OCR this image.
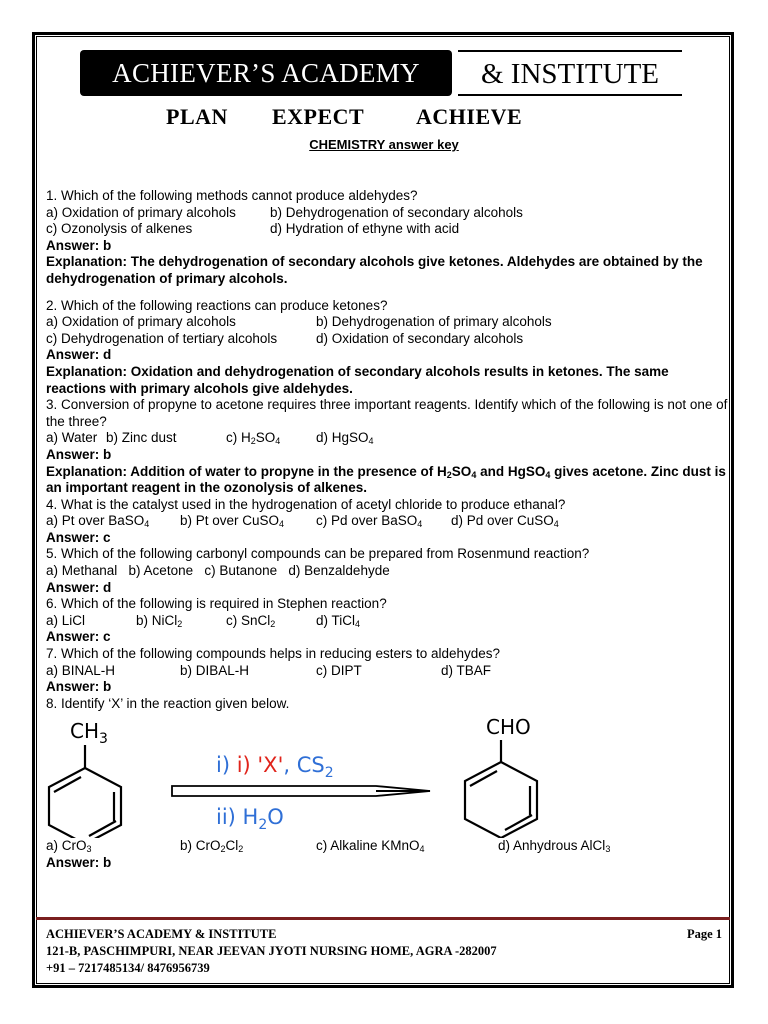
ACHIEVER’S ACADEMY	& INSTITUTE
PLAN EXPECT ACHIEVE
CHEMISTRY answer key
1. Which of the following methods cannot produce aldehydes?
a) Oxidation of primary alcohols	b) Dehydrogenation of secondary alcohols
c) Ozonolysis of alkenes	d) Hydration of ethyne with acid
Answer: b
Explanation: The dehydrogenation of secondary alcohols give ketones. Aldehydes are obtained by the dehydrogenation of primary alcohols.
2. Which of the following reactions can produce ketones?
a) Oxidation of primary alcohols	b) Dehydrogenation of primary alcohols
c) Dehydrogenation of tertiary alcohols	d) Oxidation of secondary alcohols
Answer: d
Explanation: Oxidation and dehydrogenation of secondary alcohols results in ketones. The same reactions with primary alcohols give aldehydes.
3. Conversion of propyne to acetone requires three important reagents. Identify which of the following is not one of the three?
a) Water b) Zinc dust	c) $H_2SO_4$	d) HgSO$_4$
Answer: b
Explanation: Addition of water to propyne in the presence of $H_2SO_4$ and HgSO$_4$ gives acetone. Zinc dust is an important reagent in the ozonolysis of alkenes.
4. What is the catalyst used in the hydrogenation of acetyl chloride to produce ethanal?
a) Pt over BaSO$_4$ b) Pt over CuSO$_4$ c) Pd over BaSO$_4$ d) Pd over CuSO$_4$
Answer: c
5. Which of the following carbonyl compounds can be prepared from Rosenmund reaction?
a) Methanal   b) Acetone   c) Butanone   d) Benzaldehyde
Answer: d
6. Which of the following is required in Stephen reaction?
a) LiCl	b) NiCl$_2$	c) SnCl$_2$	d) TiCl$_4$
Answer: c
7. Which of the following compounds helps in reducing esters to aldehydes?
a) BINAL-H	b) DIBAL-H	c) DIPT	d) TBAF
Answer: b
8. Identify ‘X’ in the reaction given below.
$CH_3$
i) i) 'X', $CS_2$
ii) $H_2O$
CHO
a) CrO$_3$	b) $CrO_2Cl_2$	c) Alkaline KMnO$_4$	d) Anhydrous AlCl$_3$
Answer: b
ACHIEVER’S ACADEMY & INSTITUTE	Page 1
121-B, PASCHIMPURI, NEAR JEEVAN JYOTI NURSING HOME, AGRA -282007
+91 – 7217485134/ 8476956739
